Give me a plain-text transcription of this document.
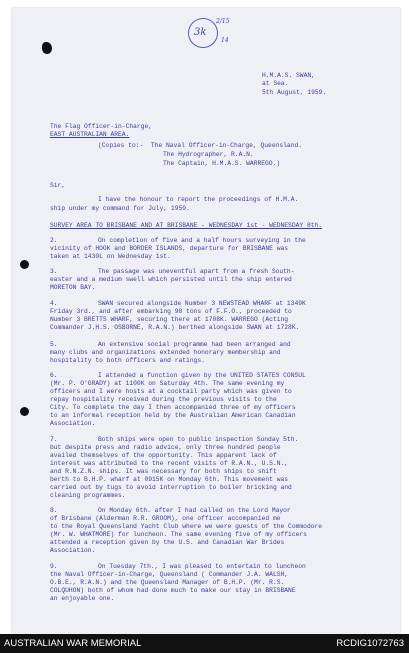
3k
2/15
14
H.M.A.S. SWAN,
at Sea.
5th August, 1959.
The Flag Officer-in-Charge,
EAST AUSTRALIAN AREA.
(Copies to:-  The Naval Officer-in-Charge, Queensland.
The Hydrographer, R.A.N.
The Captain, H.M.A.S. WARREGO.)
Sir,
I have the honour to report the proceedings of H.M.A.
ship under my command for July, 1959.
SURVEY AREA TO BRISBANE AND AT BRISBANE - WEDNESDAY 1st - WEDNESDAY 8th.
2.	On completion of five and a half hours surveying in the
vicinity of HOOK and BORDER ISLANDS, departure for BRISBANE was
taken at 1430L on Wednesday 1st.
3.	The passage was uneventful apart from a fresh South-
easter and a medium swell which persisted until the ship entered
MORETON BAY.
4.	SWAN secured alongside Number 3 NEWSTEAD WHARF at 1349K
Friday 3rd., and after embarking 98 tons of F.F.O., proceeded to
Number 3 BRETTS WHARF, securing there at 1708K. WARREGO (Acting
Commander J.H.S. OSBORNE, R.A.N.) berthed alongside SWAN at 1728K.
5.	An extensive social programme had been arranged and
many clubs and organizations extended honorary membership and
hospitality to both officers and ratings.
6.	I attended a function given by the UNITED STATES CONSUL
(Mr. P. O'GRADY) at 1100K on Saturday 4th. The same evening my
officers and I were hosts at a cocktail party which was given to
repay hospitality received during the previous visits to the
City. To complete the day I then accompanied three of my officers
to an informal reception held by the Australian American Canadian
Association.
7.	Both ships were open to public inspection Sunday 5th.
but despite press and radio advice, only three hundred people
availed themselves of the opportunity. This apparent lack of
interest was attributed to the recent visits of R.A.N., U.S.N.,
and R.N.Z.N. ships. It was necessary for both ships to shift
berth to B.H.P. wharf at 0915K on Monday 6th. This movement was
carried out by tugs to avoid interruption to boiler bricking and
cleaning programmes.
8.	On Monday 6th. after I had called on the Lord Mayor
of Brisbane (Alderman R.R. GROOM), one officer accompanied me
to the Royal Queensland Yacht Club where we were guests of the Commodore
(Mr. W. WHATMORE) for luncheon. The same evening five of my officers
attended a reception given by the U.S. and Canadian War Brides
Association.
9.	On Tuesday 7th., I was pleased to entertain to luncheon
the Naval Officer-in-Charge, Queensland ( Commander J.A. WALSH,
O.B.E., R.A.N.) and the Queensland Manager of B.H.P. (Mr. R.S.
COLQUHON) both of whom had done much to make our stay in BRISBANE
an enjoyable one.
AUSTRALIAN WAR MEMORIAL	RCDIG1072763
